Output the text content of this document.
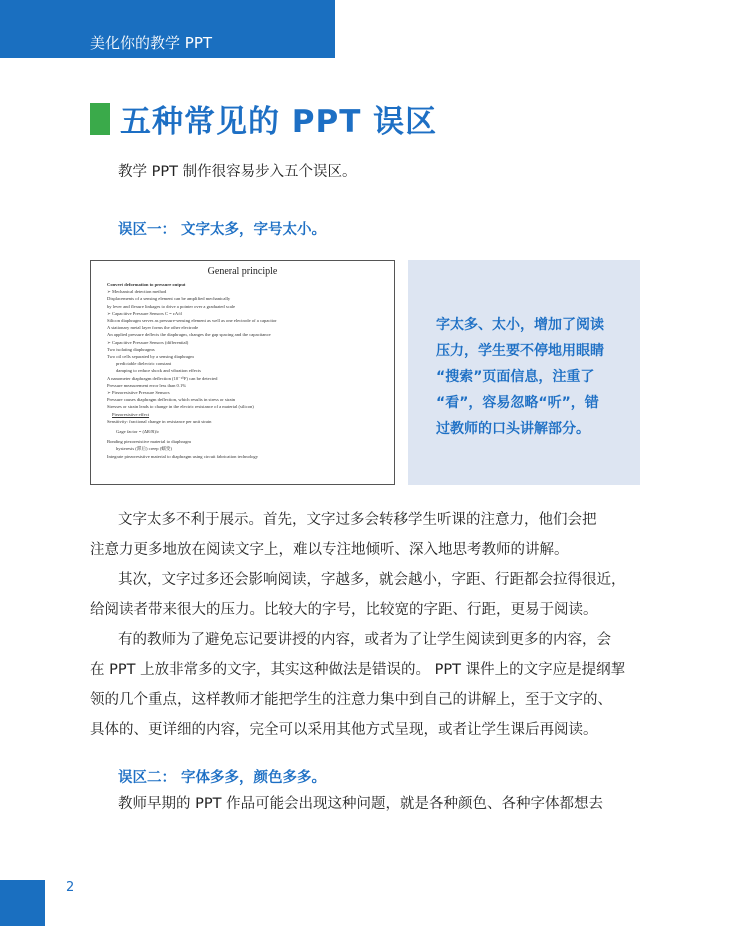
美化你的教学 PPT
五种常见的 PPT 误区
教学 PPT 制作很容易步入五个误区。
误区一： 文字太多，字号太小。
General principle
Convert deformation to pressure output
➢ Mechanical detection method
Displacements of a sensing element can be amplified mechanically
by lever and flexure linkages to drive a pointer over a graduated scale
➢ Capacitive Pressure Sensors C = εA/d
Silicon diaphragm serves as pressure-sensing element as well as one electrode of a capacitor
A stationary metal layer forms the other electrode
An applied pressure deflects the diaphragm, changes the gap spacing and the capacitance
➢ Capacitive Pressure Sensors (differential)
Two isolating diaphragms
Two oil cells separated by a sensing diaphragm
predictable dielectric constant
damping to reduce shock and vibration effects
A nanometer diaphragm deflection (10⁻¹⁰F) can be detected
Pressure measurement error less than 0.1%
➢ Piezoresistive Pressure Sensors
Pressure causes diaphragm deflection, which results in stress or strain
Stresses or strain leads to change in the electric resistance of a material (silicon)
Piezoresistive effect
Sensitivity: fractional change in resistance per unit strain
Gage factor = (ΔR/R)/ε
Bonding piezoresistive material to diaphragm
hysteresis (滞后) creep (蠕变)
Integrate piezoresistive material to diaphragm using circuit fabrication technology
字太多、太小，增加了阅读
压力，学生要不停地用眼睛
“搜索”页面信息，注重了
“看”，容易忽略“听”，错
过教师的口头讲解部分。
文字太多不利于展示。首先，文字过多会转移学生听课的注意力，他们会把
注意力更多地放在阅读文字上，难以专注地倾听、深入地思考教师的讲解。
其次，文字过多还会影响阅读，字越多，就会越小，字距、行距都会拉得很近，
给阅读者带来很大的压力。比较大的字号，比较宽的字距、行距，更易于阅读。
有的教师为了避免忘记要讲授的内容，或者为了让学生阅读到更多的内容，会
在 PPT 上放非常多的文字，其实这种做法是错误的。 PPT 课件上的文字应是提纲挈
领的几个重点，这样教师才能把学生的注意力集中到自己的讲解上，至于文字的、
具体的、更详细的内容，完全可以采用其他方式呈现，或者让学生课后再阅读。
误区二： 字体多多，颜色多多。
教师早期的 PPT 作品可能会出现这种问题，就是各种颜色、各种字体都想去
2
